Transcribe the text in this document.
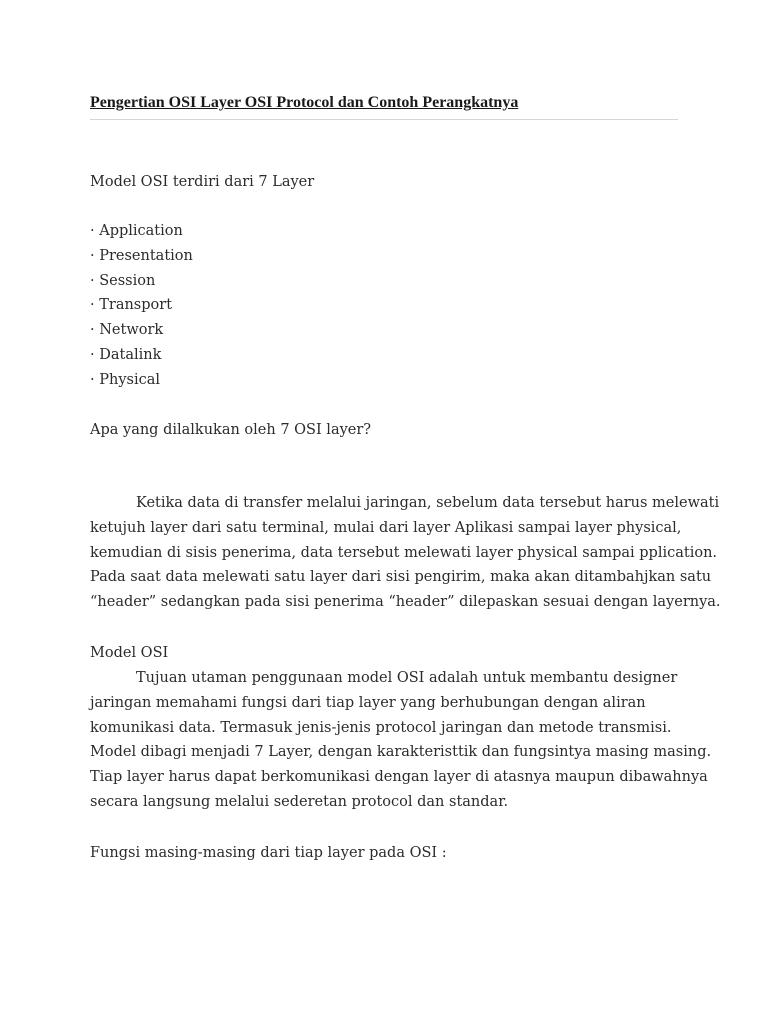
Pengertian OSI Layer OSI Protocol dan Contoh Perangkatnya
Model OSI terdiri dari 7 Layer
· Application
· Presentation
· Session
· Transport
· Network
· Datalink
· Physical
Apa yang dilalkukan oleh 7 OSI layer?
Ketika data di transfer melalui jaringan, sebelum data tersebut harus melewati
ketujuh layer dari satu terminal, mulai dari layer Aplikasi sampai layer physical,
kemudian di sisis penerima, data tersebut melewati layer physical sampai pplication.
Pada saat data melewati satu layer dari sisi pengirim, maka akan ditambahjkan satu
“header” sedangkan pada sisi penerima “header” dilepaskan sesuai dengan layernya.
Model OSI
Tujuan utaman penggunaan model OSI adalah untuk membantu designer
jaringan memahami fungsi dari tiap layer yang berhubungan dengan aliran
komunikasi data. Termasuk jenis-jenis protocol jaringan dan metode transmisi.
Model dibagi menjadi 7 Layer, dengan karakteristtik dan fungsintya masing masing.
Tiap layer harus dapat berkomunikasi dengan layer di atasnya maupun dibawahnya
secara langsung melalui sederetan protocol dan standar.
Fungsi masing-masing dari tiap layer pada OSI :
